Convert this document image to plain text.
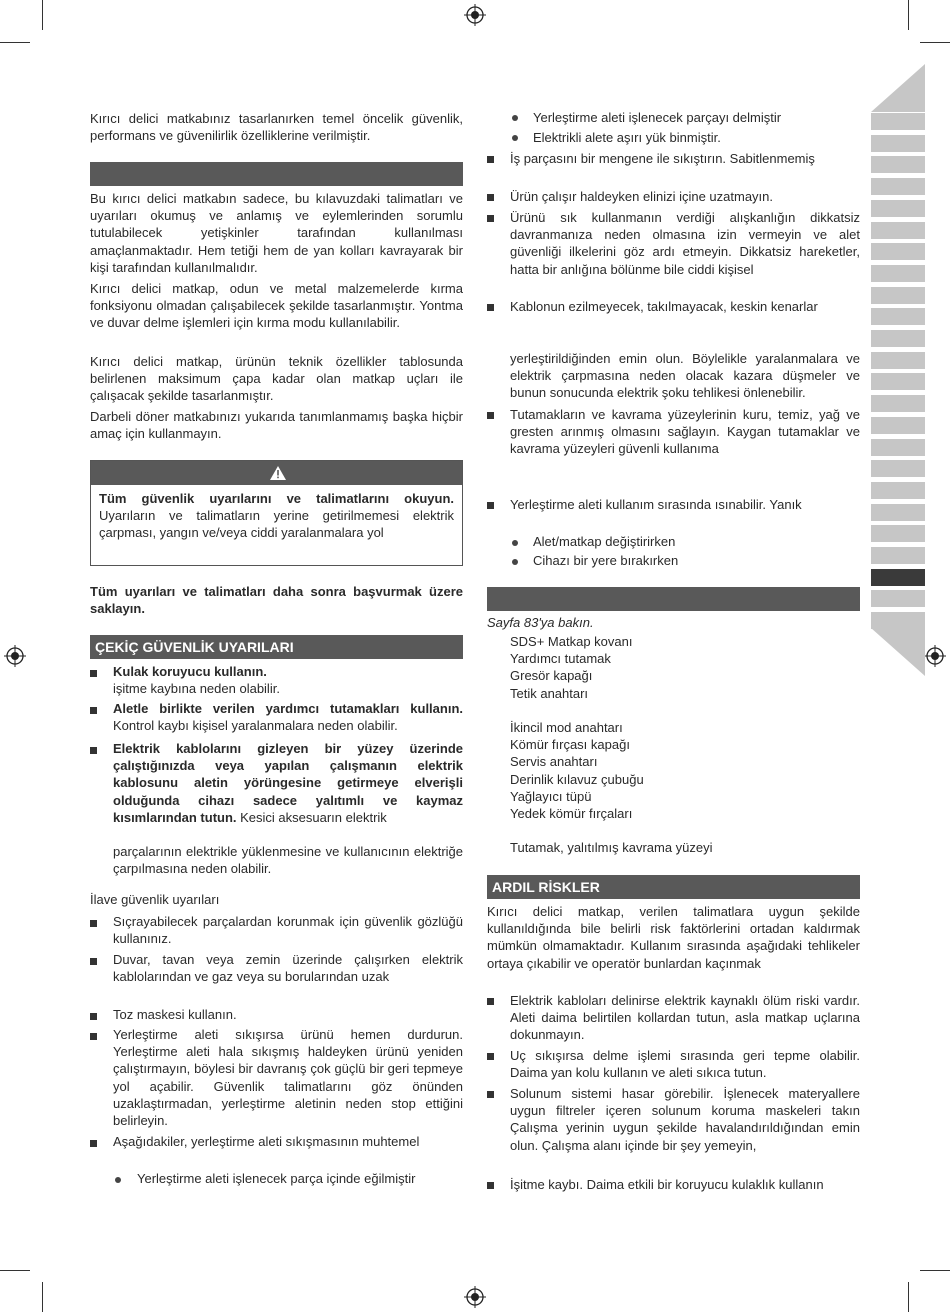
Kırıcı delici matkabınız tasarlanırken temel öncelik güvenlik, performans ve güvenilirlik özelliklerine verilmiştir.
Bu kırıcı delici matkabın sadece, bu kılavuzdaki talimatları ve uyarıları okumuş ve anlamış ve eylemlerinden sorumlu tutulabilecek yetişkinler tarafından kullanılması amaçlanmaktadır. Hem tetiği hem de yan kolları kavrayarak bir kişi tarafından kullanılmalıdır.
Kırıcı delici matkap, odun ve metal malzemelerde kırma fonksiyonu olmadan çalışabilecek şekilde tasarlanmıştır. Yontma ve duvar delme işlemleri için kırma modu kullanılabilir.
Kırıcı delici matkap, ürünün teknik özellikler tablosunda belirlenen maksimum çapa kadar olan matkap uçları ile çalışacak şekilde tasarlanmıştır.
Darbeli döner matkabınızı yukarıda tanımlanmamış başka hiçbir amaç için kullanmayın.
Tüm güvenlik uyarılarını ve talimatlarını okuyun. Uyarıların ve talimatların yerine getirilmemesi elektrik çarpması, yangın ve/veya ciddi yaralanmalara yol
Tüm uyarıları ve talimatları daha sonra başvurmak üzere saklayın.
ÇEKİÇ GÜVENLİK UYARILARI
Kulak koruyucu kullanın.
işitme kaybına neden olabilir.
Aletle birlikte verilen yardımcı tutamakları kullanın. Kontrol kaybı kişisel yaralanmalara neden olabilir.
Elektrik kablolarını gizleyen bir yüzey üzerinde çalıştığınızda veya yapılan çalışmanın elektrik kablosunu aletin yörüngesine getirmeye elverişli olduğunda cihazı sadece yalıtımlı ve kaymaz kısımlarından tutun. Kesici aksesuarın elektrik
parçalarının elektrikle yüklenmesine ve kullanıcının elektriğe çarpılmasına neden olabilir.
İlave güvenlik uyarıları
Sıçrayabilecek parçalardan korunmak için güvenlik gözlüğü kullanınız.
Duvar, tavan veya zemin üzerinde çalışırken elektrik kablolarından ve gaz veya su borularından uzak
Toz maskesi kullanın.
Yerleştirme aleti sıkışırsa ürünü hemen durdurun. Yerleştirme aleti hala sıkışmış haldeyken ürünü yeniden çalıştırmayın, böylesi bir davranış çok güçlü bir geri tepmeye yol açabilir. Güvenlik talimatlarını göz önünden uzaklaştırmadan, yerleştirme aletinin neden stop ettiğini belirleyin.
Aşağıdakiler, yerleştirme aleti sıkışmasının muhtemel
Yerleştirme aleti işlenecek parça içinde eğilmiştir
Yerleştirme aleti işlenecek parçayı delmiştir
Elektrikli alete aşırı yük binmiştir.
İş parçasını bir mengene ile sıkıştırın. Sabitlenmemiş
Ürün çalışır haldeyken elinizi içine uzatmayın.
Ürünü sık kullanmanın verdiği alışkanlığın dikkatsiz davranmanıza neden olmasına izin vermeyin ve alet güvenliği ilkelerini göz ardı etmeyin. Dikkatsiz hareketler, hatta bir anlığına bölünme bile ciddi kişisel
Kablonun ezilmeyecek, takılmayacak, keskin kenarlar
yerleştirildiğinden emin olun. Böylelikle yaralanmalara ve elektrik çarpmasına neden olacak kazara düşmeler ve bunun sonucunda elektrik şoku tehlikesi önlenebilir.
Tutamakların ve kavrama yüzeylerinin kuru, temiz, yağ ve gresten arınmış olmasını sağlayın. Kaygan tutamaklar ve kavrama yüzeyleri güvenli kullanıma
Yerleştirme aleti kullanım sırasında ısınabilir. Yanık
Alet/matkap değiştirirken
Cihazı bir yere bırakırken
Sayfa 83'ya bakın.
SDS+ Matkap kovanı
Yardımcı tutamak
Gresör kapağı
Tetik anahtarı
İkincil mod anahtarı
Kömür fırçası kapağı
Servis anahtarı
Derinlik kılavuz çubuğu
Yağlayıcı tüpü
Yedek kömür fırçaları
Tutamak, yalıtılmış kavrama yüzeyi
ARDIL RİSKLER
Kırıcı delici matkap, verilen talimatlara uygun şekilde kullanıldığında bile belirli risk faktörlerini ortadan kaldırmak mümkün olmamaktadır. Kullanım sırasında aşağıdaki tehlikeler ortaya çıkabilir ve operatör bunlardan kaçınmak
Elektrik kabloları delinirse elektrik kaynaklı ölüm riski vardır. Aleti daima belirtilen kollardan tutun, asla matkap uçlarına dokunmayın.
Uç sıkışırsa delme işlemi sırasında geri tepme olabilir. Daima yan kolu kullanın ve aleti sıkıca tutun.
Solunum sistemi hasar görebilir. İşlenecek materyallere uygun filtreler içeren solunum koruma maskeleri takın Çalışma yerinin uygun şekilde havalandırıldığından emin olun. Çalışma alanı içinde bir şey yemeyin,
İşitme kaybı. Daima etkili bir koruyucu kulaklık kullanın
